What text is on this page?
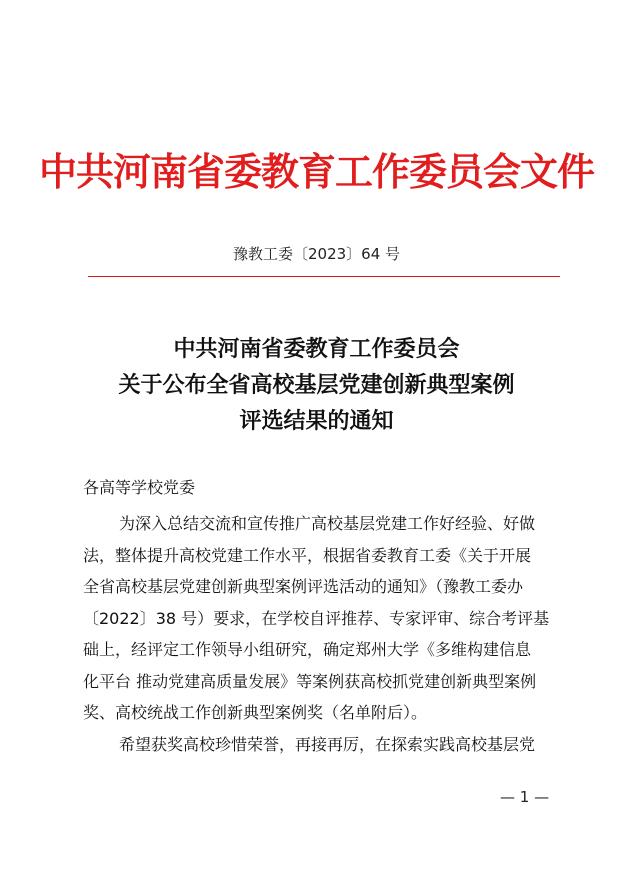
中共河南省委教育工作委员会文件
豫教工委〔2023〕64 号
中共河南省委教育工作委员会
关于公布全省高校基层党建创新典型案例
评选结果的通知
各高等学校党委
为深入总结交流和宣传推广高校基层党建工作好经验、好做
法，整体提升高校党建工作水平，根据省委教育工委《关于开展
全省高校基层党建创新典型案例评选活动的通知》（豫教工委办
〔2022〕38 号）要求，在学校自评推荐、专家评审、综合考评基
础上，经评定工作领导小组研究，确定郑州大学《多维构建信息
化平台 推动党建高质量发展》等案例获高校抓党建创新典型案例
奖、高校统战工作创新典型案例奖（名单附后）。
希望获奖高校珍惜荣誉，再接再厉，在探索实践高校基层党
— 1 —
